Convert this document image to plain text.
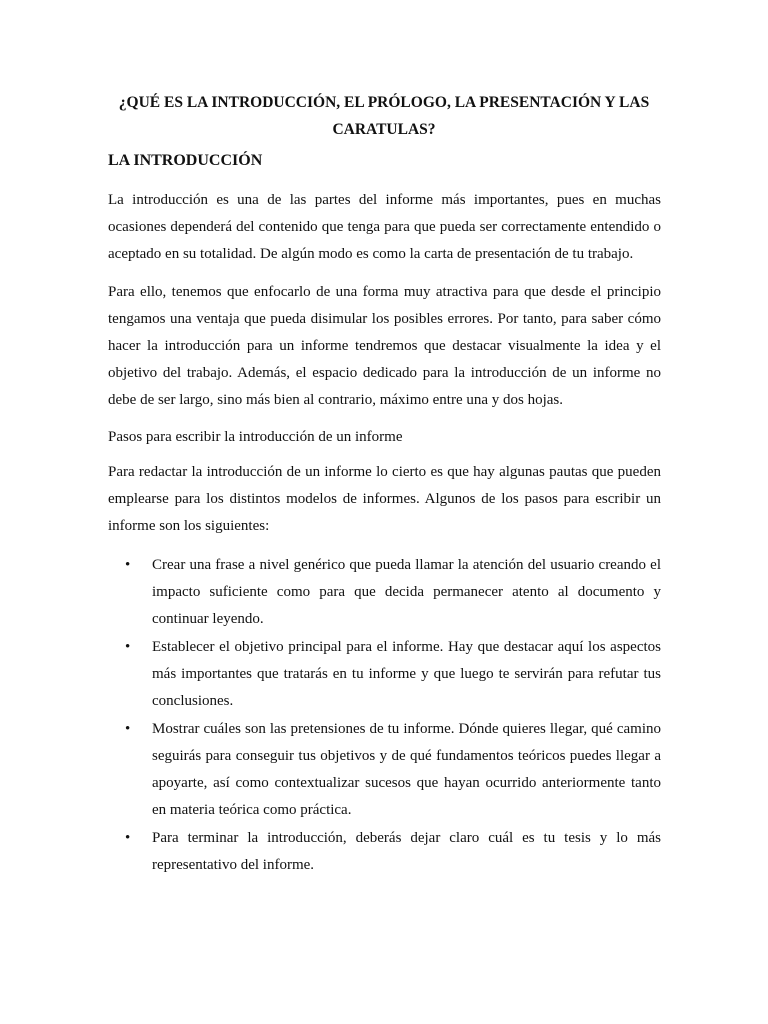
¿QUÉ ES LA INTRODUCCIÓN, EL PRÓLOGO, LA PRESENTACIÓN Y LAS
CARATULAS?
LA INTRODUCCIÓN

La introducción es una de las partes del informe más importantes, pues en muchas ocasiones dependerá del contenido que tenga para que pueda ser correctamente entendido o aceptado en su totalidad. De algún modo es como la carta de presentación de tu trabajo.

Para ello, tenemos que enfocarlo de una forma muy atractiva para que desde el principio tengamos una ventaja que pueda disimular los posibles errores. Por tanto, para saber cómo hacer la introducción para un informe tendremos que destacar visualmente la idea y el objetivo del trabajo. Además, el espacio dedicado para la introducción de un informe no debe de ser largo, sino más bien al contrario, máximo entre una y dos hojas.

Pasos para escribir la introducción de un informe

Para redactar la introducción de un informe lo cierto es que hay algunas pautas que pueden emplearse para los distintos modelos de informes. Algunos de los pasos para escribir un informe son los siguientes:

• Crear una frase a nivel genérico que pueda llamar la atención del usuario creando el impacto suficiente como para que decida permanecer atento al documento y continuar leyendo.
• Establecer el objetivo principal para el informe. Hay que destacar aquí los aspectos más importantes que tratarás en tu informe y que luego te servirán para refutar tus conclusiones.
• Mostrar cuáles son las pretensiones de tu informe. Dónde quieres llegar, qué camino seguirás para conseguir tus objetivos y de qué fundamentos teóricos puedes llegar a apoyarte, así como contextualizar sucesos que hayan ocurrido anteriormente tanto en materia teórica como práctica.
• Para terminar la introducción, deberás dejar claro cuál es tu tesis y lo más representativo del informe.
